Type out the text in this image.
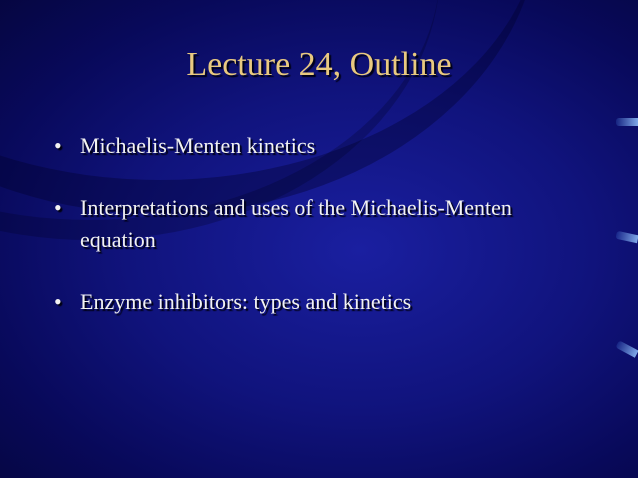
Lecture 24, Outline
• Michaelis-Menten kinetics
• Interpretations and uses of the Michaelis-Menten equation
• Enzyme inhibitors: types and kinetics
